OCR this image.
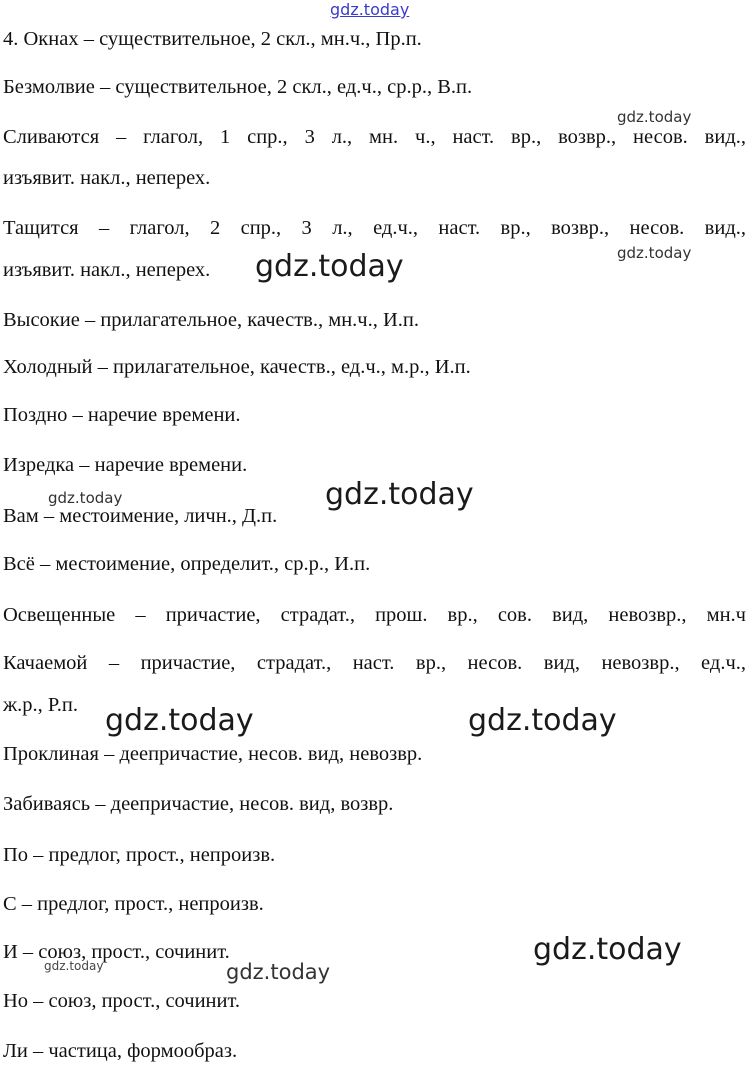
4. Окнах – существительное, 2 скл., мн.ч., Пр.п.
Безмолвие – существительное, 2 скл., ед.ч., ср.р., В.п.
Сливаются – глагол, 1 спр., 3 л., мн. ч., наст. вр., возвр., несов. вид.,
изъявит. накл., неперех.
Тащится – глагол, 2 спр., 3 л., ед.ч., наст. вр., возвр., несов. вид.,
изъявит. накл., неперех.
Высокие – прилагательное, качеств., мн.ч., И.п.
Холодный – прилагательное, качеств., ед.ч., м.р., И.п.
Поздно – наречие времени.
Изредка – наречие времени.
Вам – местоимение, личн., Д.п.
Всё – местоимение, определит., ср.р., И.п.
Освещенные – причастие, страдат., прош. вр., сов. вид, невозвр., мн.ч
Качаемой – причастие, страдат., наст. вр., несов. вид, невозвр., ед.ч.,
ж.р., Р.п.
Проклиная – деепричастие, несов. вид, невозвр.
Забиваясь – деепричастие, несов. вид, возвр.
По – предлог, прост., непроизв.
С – предлог, прост., непроизв.
И – союз, прост., сочинит.
Но – союз, прост., сочинит.
Ли – частица, формообраз.
gdz.today
gdz.today
gdz.today
gdz.today
gdz.today	gdz.today
gdz.today	gdz.today
gdz.today
gdz.today	gdz.today
